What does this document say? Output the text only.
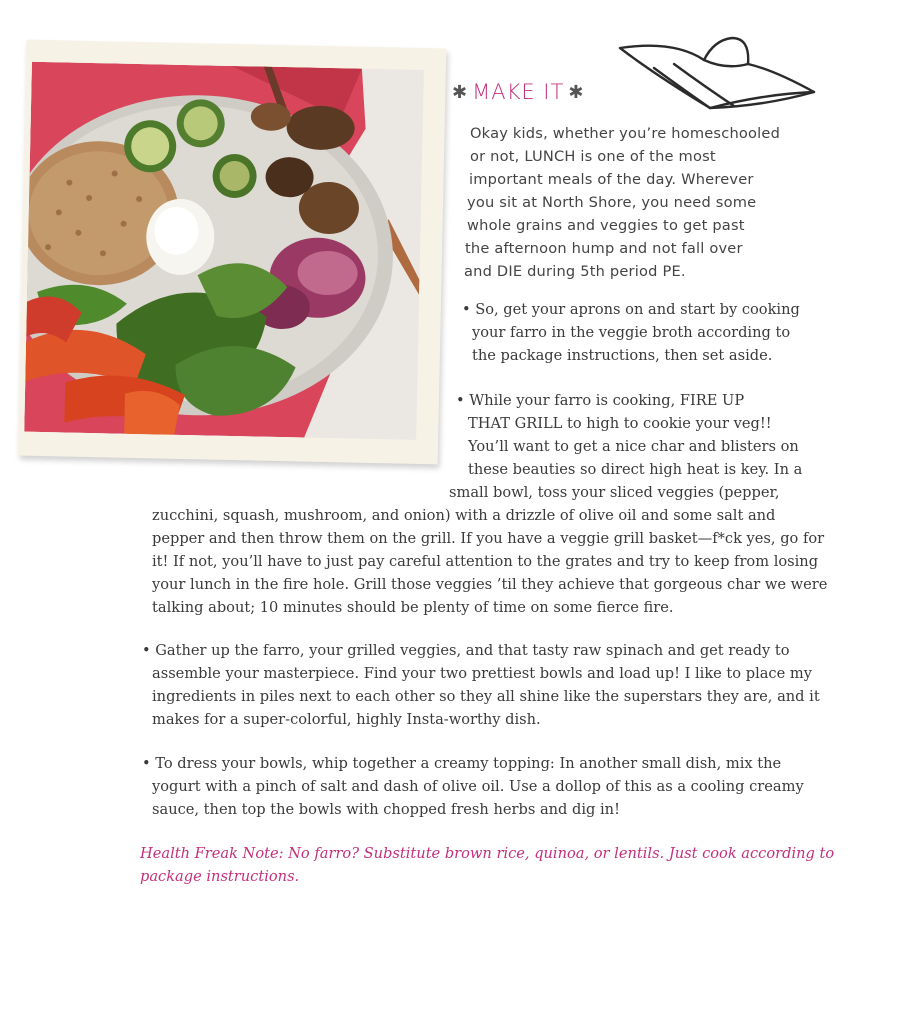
✱ MAKE IT ✱
Okay kids, whether you’re homeschooled
or not, LUNCH is one of the most
important meals of the day. Wherever
you sit at North Shore, you need some
whole grains and veggies to get past
the afternoon hump and not fall over
and DIE during 5th period PE.
• So, get your aprons on and start by cooking
your farro in the veggie broth according to
the package instructions, then set aside.
• While your farro is cooking, FIRE UP
THAT GRILL to high to cookie your veg!!
You’ll want to get a nice char and blisters on
these beauties so direct high heat is key. In a
small bowl, toss your sliced veggies (pepper,
zucchini, squash, mushroom, and onion) with a drizzle of olive oil and some salt and
pepper and then throw them on the grill. If you have a veggie grill basket—f*ck yes, go for
it! If not, you’ll have to just pay careful attention to the grates and try to keep from losing
your lunch in the fire hole. Grill those veggies ’til they achieve that gorgeous char we were
talking about; 10 minutes should be plenty of time on some fierce fire.
• Gather up the farro, your grilled veggies, and that tasty raw spinach and get ready to
assemble your masterpiece. Find your two prettiest bowls and load up! I like to place my
ingredients in piles next to each other so they all shine like the superstars they are, and it
makes for a super-colorful, highly Insta-worthy dish.
• To dress your bowls, whip together a creamy topping: In another small dish, mix the
yogurt with a pinch of salt and dash of olive oil. Use a dollop of this as a cooling creamy
sauce, then top the bowls with chopped fresh herbs and dig in!
Health Freak Note: No farro? Substitute brown rice, quinoa, or lentils. Just cook according to
package instructions.
